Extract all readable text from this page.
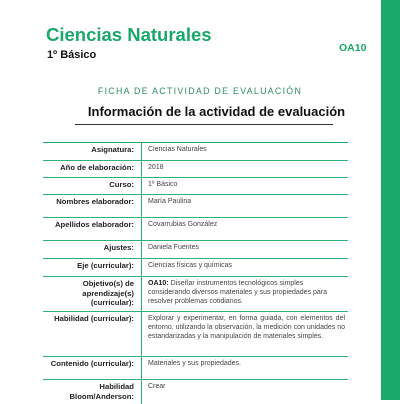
Ciencias Naturales
1º Básico
OA10
FICHA DE ACTIVIDAD DE EVALUACIÓN
Información de la actividad de evaluación
Asignatura:	Ciencias Naturales
Año de elaboración:	2018
Curso:	1º Básico
Nombres elaborador:	María Paulina
Apellidos elaborador:	Covarrubias González
Ajustes:	Daniela Fuentes
Eje (curricular):	Ciencias físicas y químicas
Objetivo(s) de aprendizaje(s) (curricular):	OA10: Diseñar instrumentos tecnológicos simples considerando diversos materiales y sus propiedades para resolver problemas cotidianos.
Habilidad (curricular):	Explorar y experimentar, en forma guiada, con elementos del entorno, utilizando la observación, la medición con unidades no estandarizadas y la manipulación de materiales simples.
Contenido (curricular):	Materiales y sus propiedades.
Habilidad Bloom/Anderson:	Crear
